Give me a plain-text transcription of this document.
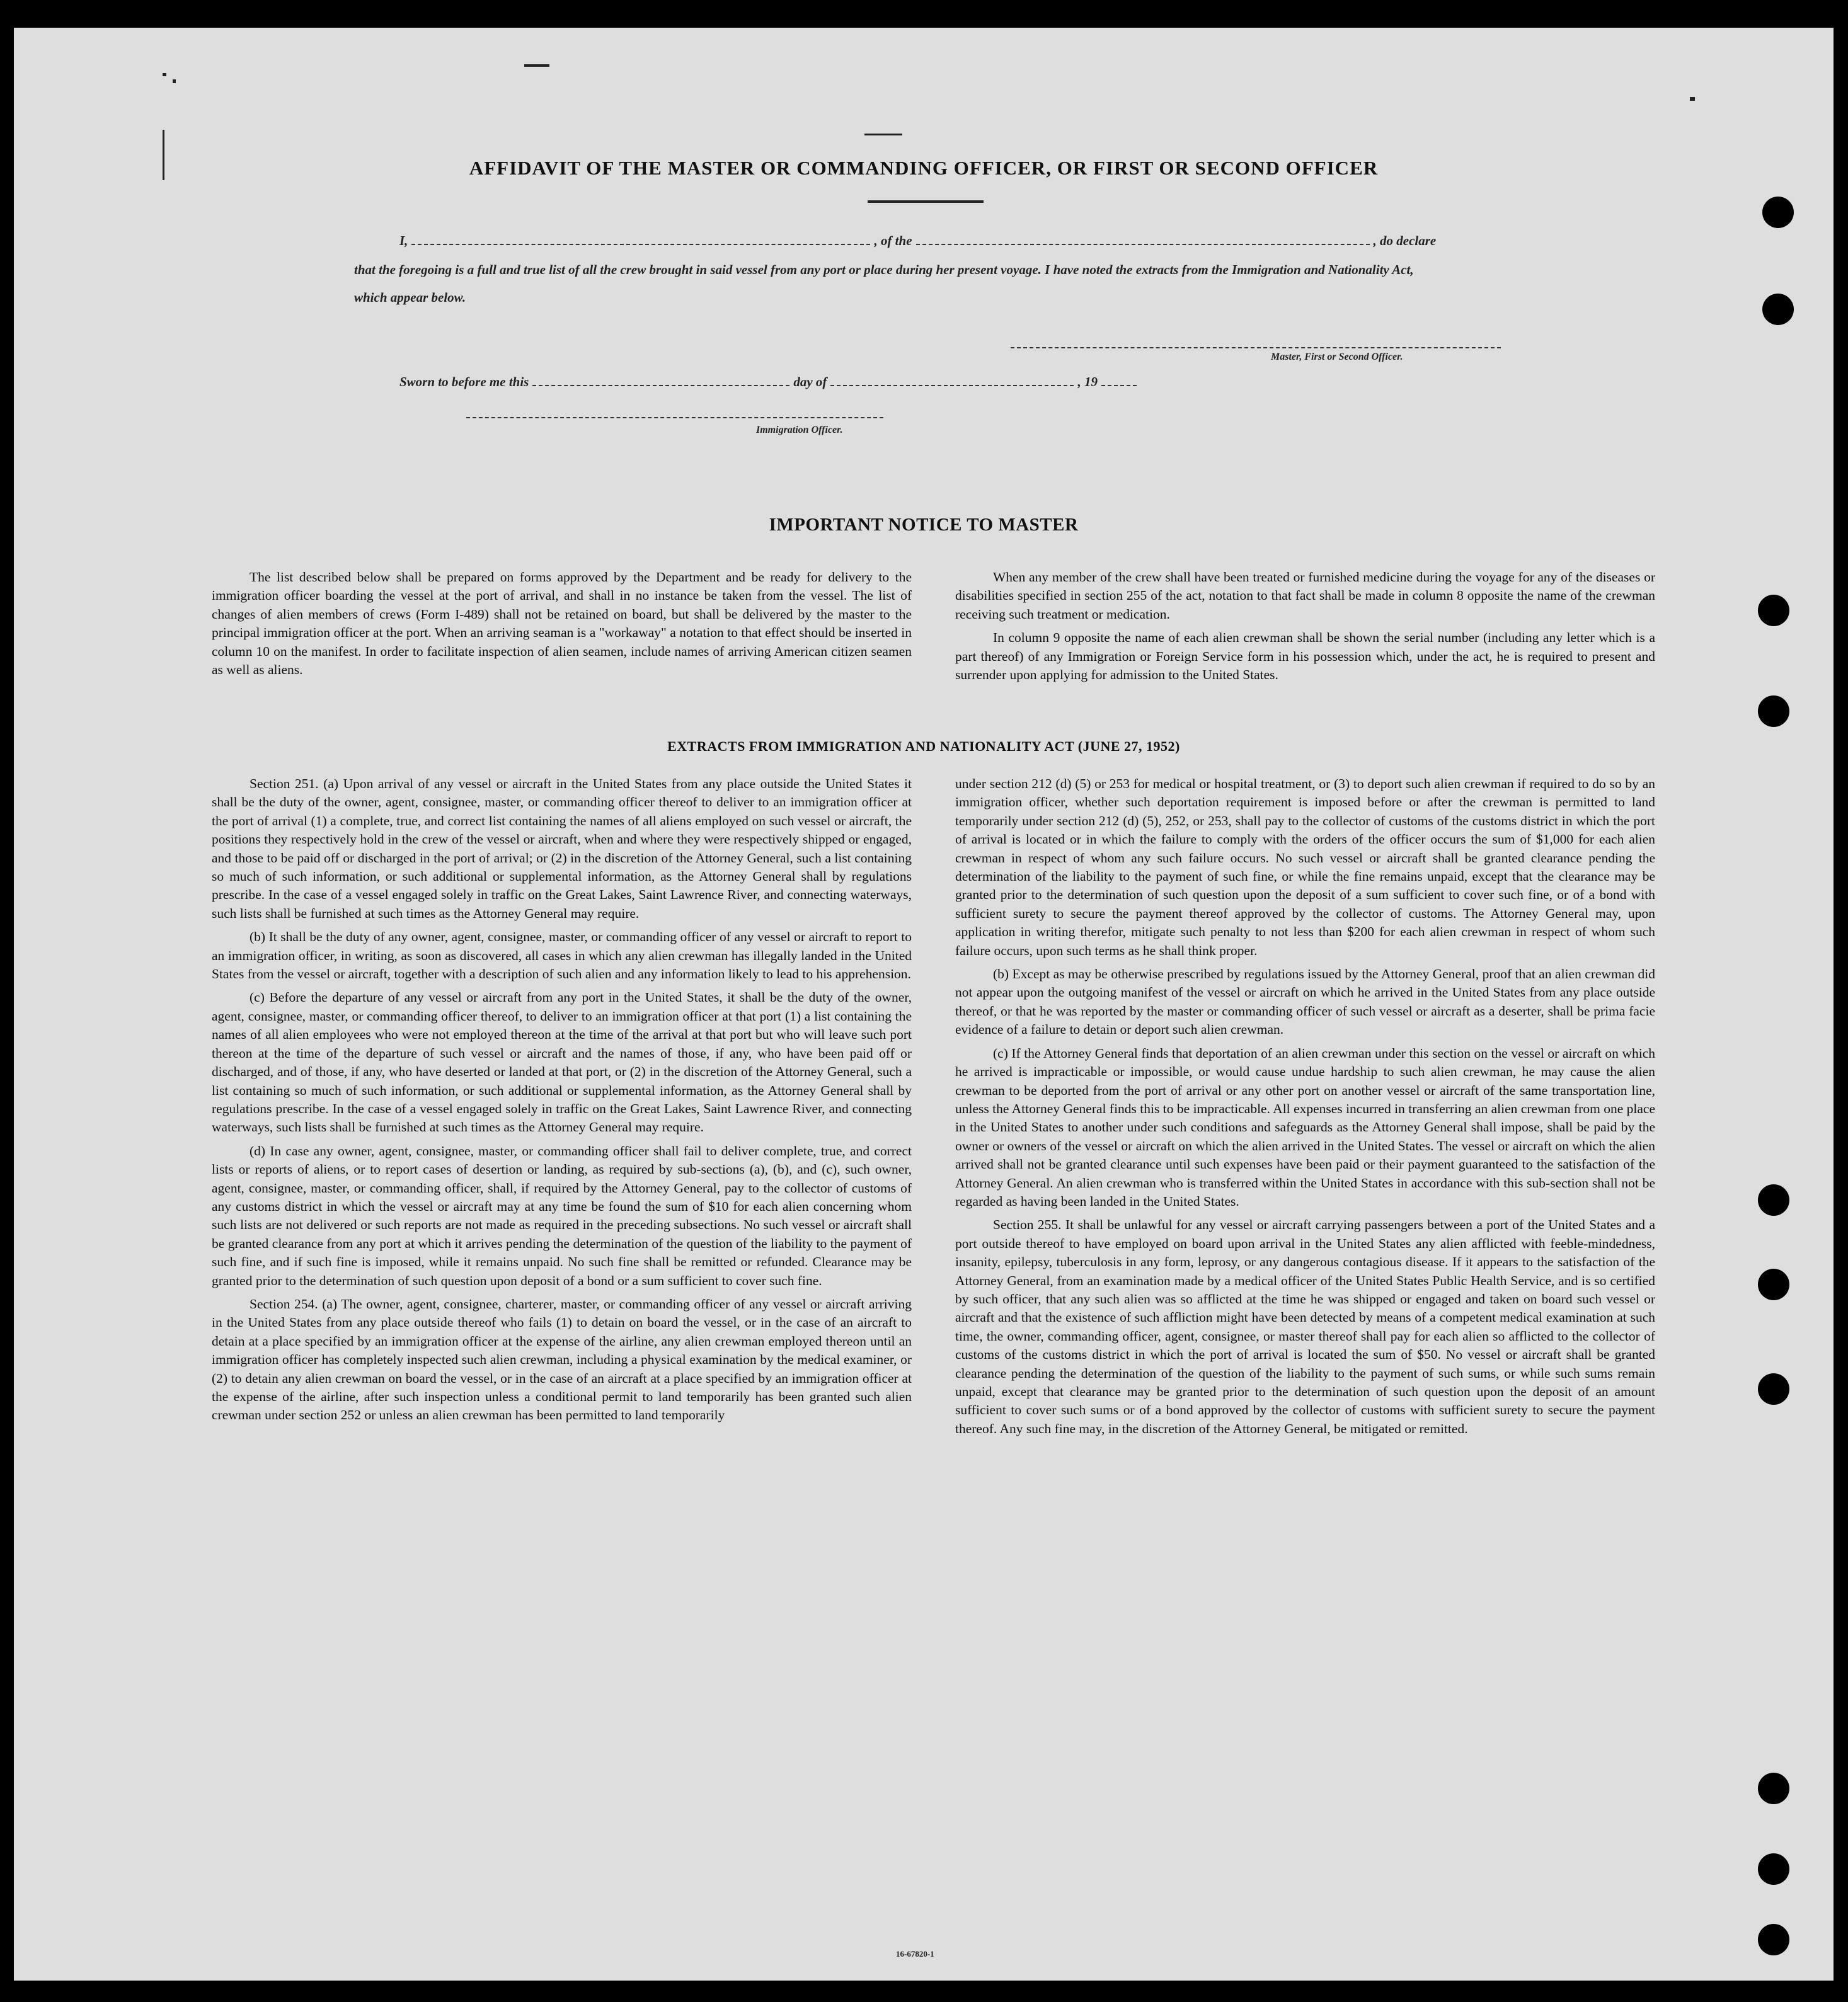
AFFIDAVIT OF THE MASTER OR COMMANDING OFFICER, OR FIRST OR SECOND OFFICER
I,	, of the	, do declare
that the foregoing is a full and true list of all the crew brought in said vessel from any port or place during her present voyage. I have noted the extracts from the Immigration and Nationality Act, which appear below.
Master, First or Second Officer.
Sworn to before me this	day of	, 19
Immigration Officer.
IMPORTANT NOTICE TO MASTER

The list described below shall be prepared on forms approved by the Department and be ready for delivery to the immigration officer boarding the vessel at the port of arrival, and shall in no instance be taken from the vessel. The list of changes of alien members of crews (Form I-489) shall not be retained on board, but shall be delivered by the master to the principal immigration officer at the port. When an arriving seaman is a "workaway" a notation to that effect should be inserted in column 10 on the manifest. In order to facilitate inspection of alien seamen, include names of arriving American citizen seamen as well as aliens.

When any member of the crew shall have been treated or furnished medicine during the voyage for any of the diseases or disabilities specified in section 255 of the act, notation to that fact shall be made in column 8 opposite the name of the crewman receiving such treatment or medication.

In column 9 opposite the name of each alien crewman shall be shown the serial number (including any letter which is a part thereof) of any Immigration or Foreign Service form in his possession which, under the act, he is required to present and surrender upon applying for admission to the United States.

EXTRACTS FROM IMMIGRATION AND NATIONALITY ACT (JUNE 27, 1952)

Section 251. (a) Upon arrival of any vessel or aircraft in the United States from any place outside the United States it shall be the duty of the owner, agent, consignee, master, or commanding officer thereof to deliver to an immigration officer at the port of arrival (1) a complete, true, and correct list containing the names of all aliens employed on such vessel or aircraft, the positions they respectively hold in the crew of the vessel or aircraft, when and where they were respectively shipped or engaged, and those to be paid off or discharged in the port of arrival; or (2) in the discretion of the Attorney General, such a list containing so much of such information, or such additional or supplemental information, as the Attorney General shall by regulations prescribe. In the case of a vessel engaged solely in traffic on the Great Lakes, Saint Lawrence River, and connecting waterways, such lists shall be furnished at such times as the Attorney General may require.

(b) It shall be the duty of any owner, agent, consignee, master, or commanding officer of any vessel or aircraft to report to an immigration officer, in writing, as soon as discovered, all cases in which any alien crewman has illegally landed in the United States from the vessel or aircraft, together with a description of such alien and any information likely to lead to his apprehension.

(c) Before the departure of any vessel or aircraft from any port in the United States, it shall be the duty of the owner, agent, consignee, master, or commanding officer thereof, to deliver to an immigration officer at that port (1) a list containing the names of all alien employees who were not employed thereon at the time of the arrival at that port but who will leave such port thereon at the time of the departure of such vessel or aircraft and the names of those, if any, who have been paid off or discharged, and of those, if any, who have deserted or landed at that port, or (2) in the discretion of the Attorney General, such a list containing so much of such information, or such additional or supplemental information, as the Attorney General shall by regulations prescribe. In the case of a vessel engaged solely in traffic on the Great Lakes, Saint Lawrence River, and connecting waterways, such lists shall be furnished at such times as the Attorney General may require.

(d) In case any owner, agent, consignee, master, or commanding officer shall fail to deliver complete, true, and correct lists or reports of aliens, or to report cases of desertion or landing, as required by sub-sections (a), (b), and (c), such owner, agent, consignee, master, or commanding officer, shall, if required by the Attorney General, pay to the collector of customs of any customs district in which the vessel or aircraft may at any time be found the sum of $10 for each alien concerning whom such lists are not delivered or such reports are not made as required in the preceding subsections. No such vessel or aircraft shall be granted clearance from any port at which it arrives pending the determination of the question of the liability to the payment of such fine, and if such fine is imposed, while it remains unpaid. No such fine shall be remitted or refunded. Clearance may be granted prior to the determination of such question upon deposit of a bond or a sum sufficient to cover such fine.

Section 254. (a) The owner, agent, consignee, charterer, master, or commanding officer of any vessel or aircraft arriving in the United States from any place outside thereof who fails (1) to detain on board the vessel, or in the case of an aircraft to detain at a place specified by an immigration officer at the expense of the airline, any alien crewman employed thereon until an immigration officer has completely inspected such alien crewman, including a physical examination by the medical examiner, or (2) to detain any alien crewman on board the vessel, or in the case of an aircraft at a place specified by an immigration officer at the expense of the airline, after such inspection unless a conditional permit to land temporarily has been granted such alien crewman under section 252 or unless an alien crewman has been permitted to land temporarily

under section 212 (d) (5) or 253 for medical or hospital treatment, or (3) to deport such alien crewman if required to do so by an immigration officer, whether such deportation requirement is imposed before or after the crewman is permitted to land temporarily under section 212 (d) (5), 252, or 253, shall pay to the collector of customs of the customs district in which the port of arrival is located or in which the failure to comply with the orders of the officer occurs the sum of $1,000 for each alien crewman in respect of whom any such failure occurs. No such vessel or aircraft shall be granted clearance pending the determination of the liability to the payment of such fine, or while the fine remains unpaid, except that the clearance may be granted prior to the determination of such question upon the deposit of a sum sufficient to cover such fine, or of a bond with sufficient surety to secure the payment thereof approved by the collector of customs. The Attorney General may, upon application in writing therefor, mitigate such penalty to not less than $200 for each alien crewman in respect of whom such failure occurs, upon such terms as he shall think proper.

(b) Except as may be otherwise prescribed by regulations issued by the Attorney General, proof that an alien crewman did not appear upon the outgoing manifest of the vessel or aircraft on which he arrived in the United States from any place outside thereof, or that he was reported by the master or commanding officer of such vessel or aircraft as a deserter, shall be prima facie evidence of a failure to detain or deport such alien crewman.

(c) If the Attorney General finds that deportation of an alien crewman under this section on the vessel or aircraft on which he arrived is impracticable or impossible, or would cause undue hardship to such alien crewman, he may cause the alien crewman to be deported from the port of arrival or any other port on another vessel or aircraft of the same transportation line, unless the Attorney General finds this to be impracticable. All expenses incurred in transferring an alien crewman from one place in the United States to another under such conditions and safeguards as the Attorney General shall impose, shall be paid by the owner or owners of the vessel or aircraft on which the alien arrived in the United States. The vessel or aircraft on which the alien arrived shall not be granted clearance until such expenses have been paid or their payment guaranteed to the satisfaction of the Attorney General. An alien crewman who is transferred within the United States in accordance with this sub-section shall not be regarded as having been landed in the United States.

Section 255. It shall be unlawful for any vessel or aircraft carrying passengers between a port of the United States and a port outside thereof to have employed on board upon arrival in the United States any alien afflicted with feeble-mindedness, insanity, epilepsy, tuberculosis in any form, leprosy, or any dangerous contagious disease. If it appears to the satisfaction of the Attorney General, from an examination made by a medical officer of the United States Public Health Service, and is so certified by such officer, that any such alien was so afflicted at the time he was shipped or engaged and taken on board such vessel or aircraft and that the existence of such affliction might have been detected by means of a competent medical examination at such time, the owner, commanding officer, agent, consignee, or master thereof shall pay for each alien so afflicted to the collector of customs of the customs district in which the port of arrival is located the sum of $50. No vessel or aircraft shall be granted clearance pending the determination of the question of the liability to the payment of such sums, or while such sums remain unpaid, except that clearance may be granted prior to the determination of such question upon the deposit of an amount sufficient to cover such sums or of a bond approved by the collector of customs with sufficient surety to secure the payment thereof. Any such fine may, in the discretion of the Attorney General, be mitigated or remitted.

16-67820-1
